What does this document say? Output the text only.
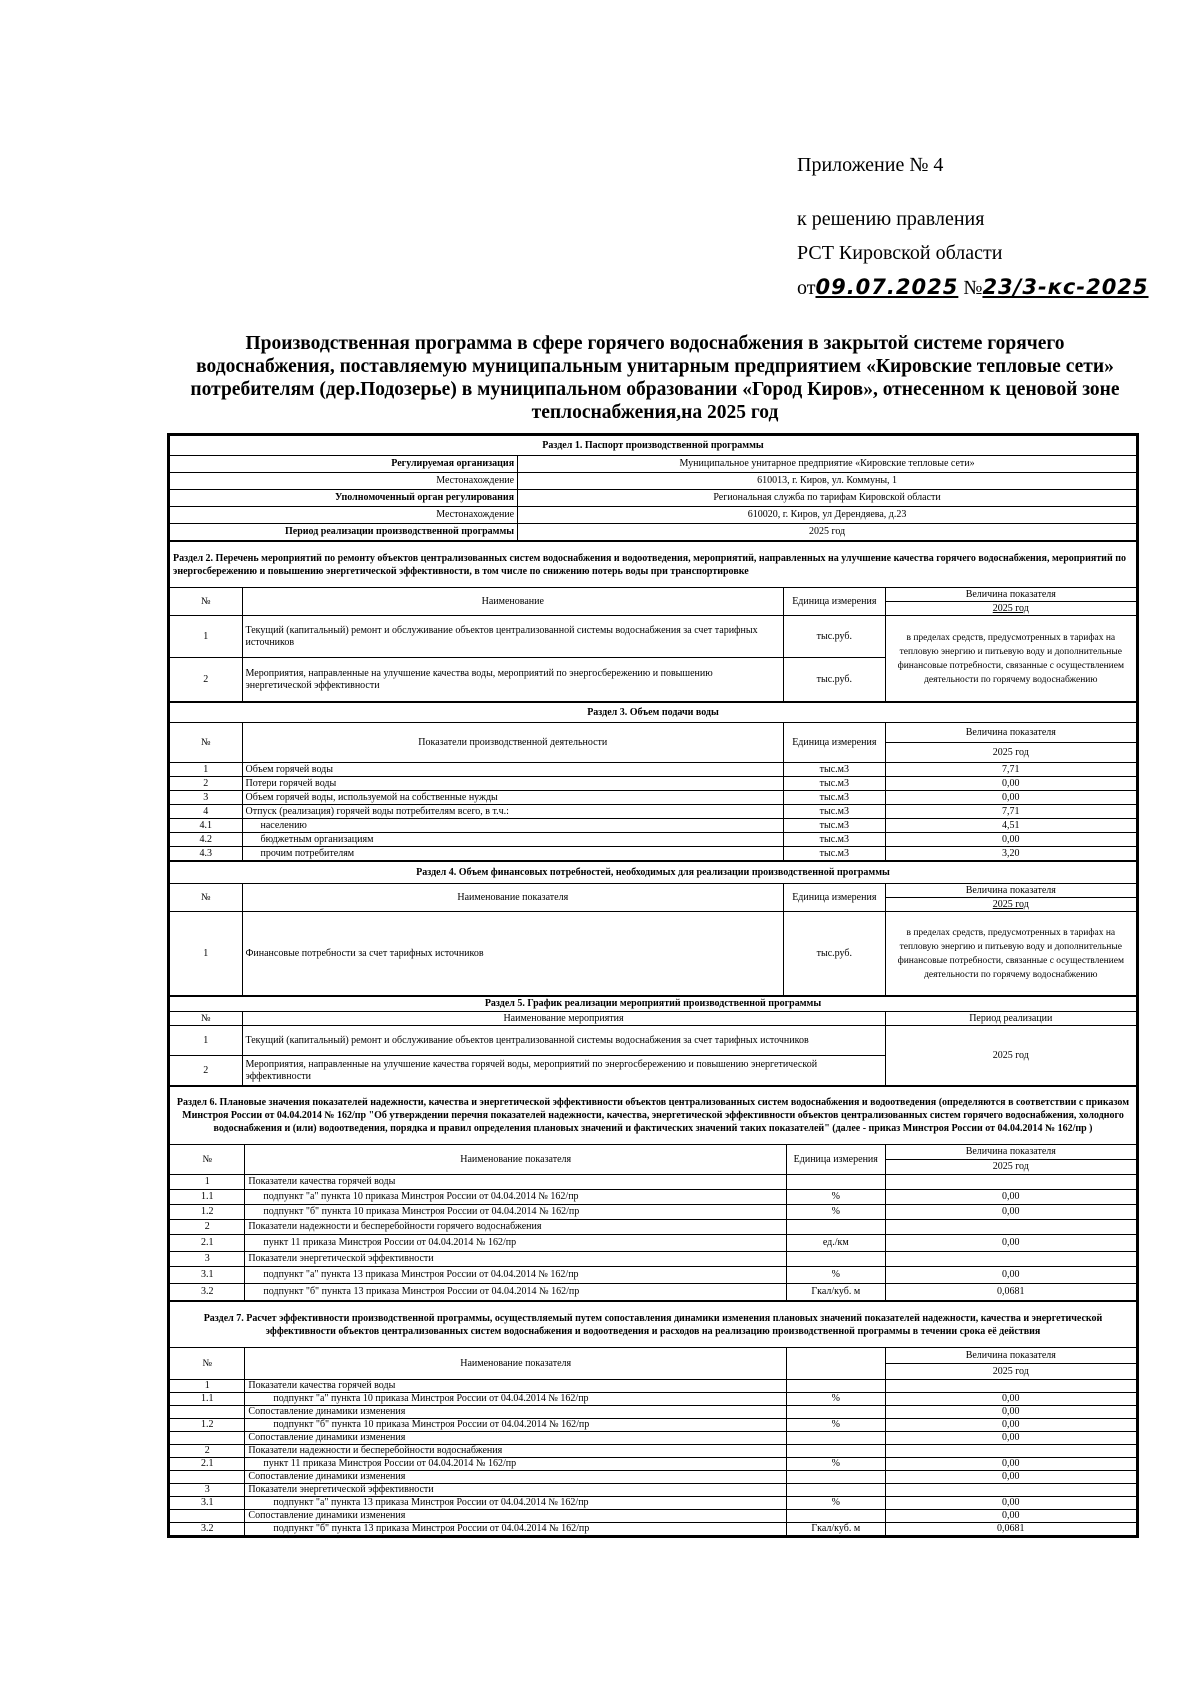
Приложение № 4
к решению правления
РСТ Кировской области
от09.07.2025 №23/3-кс-2025
Производственная программа в сфере горячего водоснабжения в закрытой системе горячего водоснабжения, поставляемую муниципальным унитарным предприятием «Кировские тепловые сети» потребителям (дер.Подозерье) в муниципальном образовании «Город Киров», отнесенном к ценовой зоне теплоснабжения,на 2025 год
Раздел 1. Паспорт производственной программы	
Регулируемая организация	Муниципальное унитарное предприятие «Кировские тепловые сети»
Местонахождение	610013, г. Киров, ул. Коммуны, 1
Уполномоченный орган регулирования	Региональная служба по тарифам Кировской области
Местонахождение	610020, г. Киров, ул Дерендяева, д.23
Период реализации производственной программы	2025 год
Раздел 2. Перечень мероприятий по ремонту объектов централизованных систем водоснабжения и водоотведения, мероприятий, направленных на улучшение качества горячего водоснабжения, мероприятий по энергосбережению и повышению энергетической эффективности, в том числе по снижению потерь воды при транспортировке			
№	Наименование	Единица измерения	Величина показателя
			2025 год
1	Текущий (капитальный) ремонт и обслуживание объектов централизованной системы водоснабжения за счет тарифных источников	тыс.руб.	в пределах средств, предусмотренных в тарифах на тепловую энергию и питьевую воду и дополнительные финансовые потребности, связанные с осуществлением деятельности по горячему водоснабжению
2	Мероприятия, направленные на улучшение качества воды, мероприятий по энергосбережению и повышению энергетической эффективности	тыс.руб.	
Раздел 3. Объем подачи воды			
№	Показатели производственной деятельности	Единица измерения	Величина показателя
			2025 год
1	Объем горячей воды	тыс.м3	7,71
2	Потери горячей воды	тыс.м3	0,00
3	Объем горячей воды, используемой на собственные нужды	тыс.м3	0,00
4	Отпуск (реализация) горячей воды потребителям всего, в т.ч.:	тыс.м3	7,71
4.1	населению	тыс.м3	4,51
4.2	бюджетным организациям	тыс.м3	0,00
4.3	прочим потребителям	тыс.м3	3,20
Раздел 4. Объем финансовых потребностей, необходимых для реализации производственной программы			
№	Наименование показателя	Единица измерения	Величина показателя
			2025 год
1	Финансовые потребности за счет тарифных источников	тыс.руб.	в пределах средств, предусмотренных в тарифах на тепловую энергию и питьевую воду и дополнительные финансовые потребности, связанные с осуществлением деятельности по горячему водоснабжению
Раздел 5. График реализации мероприятий производственной программы		
№	Наименование мероприятия	Период реализации
1	Текущий (капитальный) ремонт и обслуживание объектов централизованной системы водоснабжения за счет тарифных источников	2025 год
2	Мероприятия, направленные на улучшение качества горячей воды, мероприятий по энергосбережению и повышению энергетической эффективности	
Раздел 6. Плановые значения показателей надежности, качества и энергетической эффективности объектов централизованных систем водоснабжения и водоотведения (определяются в соответствии с приказом Минстроя России от 04.04.2014 № 162/пр "Об утверждении перечня показателей надежности, качества, энергетической эффективности объектов централизованных систем горячего водоснабжения, холодного водоснабжения и (или) водоотведения, порядка и правил определения плановых значений и фактических значений таких показателей" (далее - приказ Минстроя России от 04.04.2014 № 162/пр )			
№	Наименование показателя	Единица измерения	Величина показателя
			2025 год
1	Показатели качества горячей воды		
1.1	подпункт "а" пункта 10 приказа Минстроя России от 04.04.2014 № 162/пр	%	0,00
1.2	подпункт "б" пункта 10 приказа Минстроя России от 04.04.2014 № 162/пр	%	0,00
2	Показатели надежности и бесперебойности горячего водоснабжения		
2.1	пункт 11 приказа Минстроя России от 04.04.2014 № 162/пр	ед./км	0,00
3	Показатели энергетической эффективности		
3.1	подпункт "а" пункта 13 приказа Минстроя России от 04.04.2014 № 162/пр	%	0,00
3.2	подпункт "б" пункта 13 приказа Минстроя России от 04.04.2014 № 162/пр	Гкал/куб. м	0,0681
Раздел 7. Расчет эффективности производственной программы, осуществляемый путем сопоставления динамики изменения плановых значений показателей надежности, качества и энергетической эффективности объектов централизованных систем водоснабжения и водоотведения и расходов на реализацию производственной программы в течении срока её действия			
№	Наименование показателя		Величина показателя
			2025 год
1	Показатели качества горячей воды		
1.1	подпункт "а" пункта 10 приказа Минстроя России от 04.04.2014 № 162/пр	%	0,00
	Сопоставление динамики изменения		0,00
1.2	подпункт "б" пункта 10 приказа Минстроя России от 04.04.2014 № 162/пр	%	0,00
	Сопоставление динамики изменения		0,00
2	Показатели надежности и бесперебойности водоснабжения		
2.1	пункт 11 приказа Минстроя России от 04.04.2014 № 162/пр	%	0,00
	Сопоставление динамики изменения		0,00
3	Показатели энергетической эффективности		
3.1	подпункт "а" пункта 13 приказа Минстроя России от 04.04.2014 № 162/пр	%	0,00
	Сопоставление динамики изменения		0,00
3.2	подпункт "б" пункта 13 приказа Минстроя России от 04.04.2014 № 162/пр	Гкал/куб. м	0,0681
